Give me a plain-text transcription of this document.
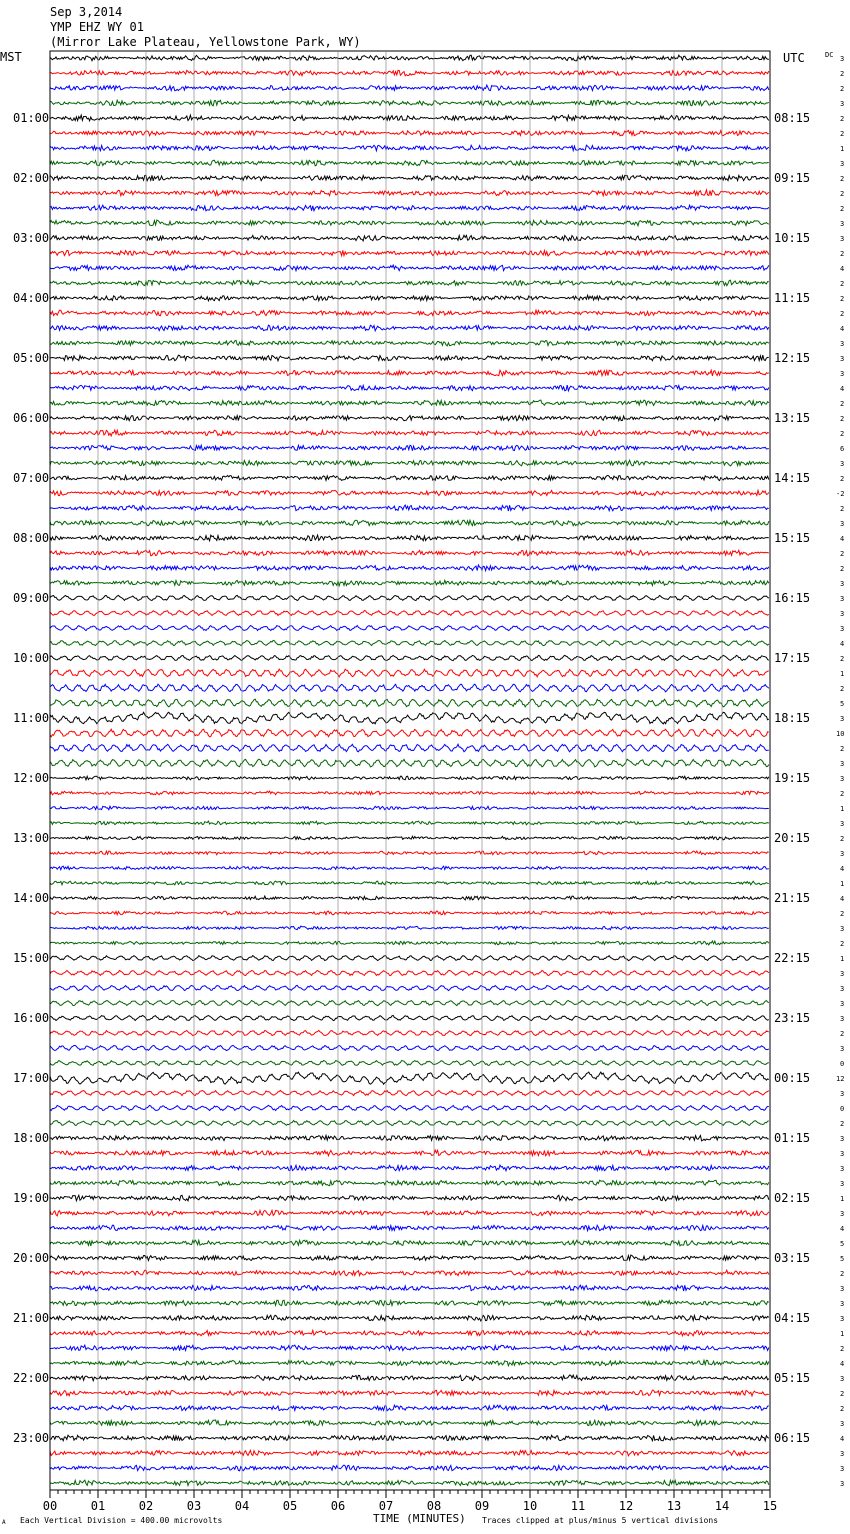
Sep 3,2014
YMP EHZ WY 01
(Mirror Lake Plateau, Yellowstone Park, WY)
MST	DC
01:00
02:00
03:00
04:00
05:00
06:00
07:00
08:00
09:00
10:00
11:00
12:00
13:00
14:00
15:00
16:00
17:00
18:00
19:00
20:00
21:00
22:00
23:00
UTC
08:15
09:15
10:15
11:15
12:15
13:15
14:15
15:15
16:15
17:15
18:15
19:15
20:15
21:15
22:15
23:15
00:15
01:15
02:15
03:15
04:15
05:15
06:15
3
2
2
3
2
2
1
3
2
2
2
3
3
2
4
2
2
2
4
3
3
3
4
2
2
2
6
3
2
-2
2
3
4
2
2
3
3
3
3
4
2
1
2
5
3
10
2
3
3
2
1
3
2
3
4
1
4
2
3
2
1
3
3
3
3
2
3
0
12
3
0
2
3
3
3
3
1
3
4
5
5
2
3
3
3
1
2
4
3
2
2
3
4
3
3
3
00	01	02	03	04	05	06	07	08	09	10	11	12	13	14	15
A Each Vertical Division = 400.00 microvolts	TIME (MINUTES) Traces clipped at plus/minus 5 vertical divisions
